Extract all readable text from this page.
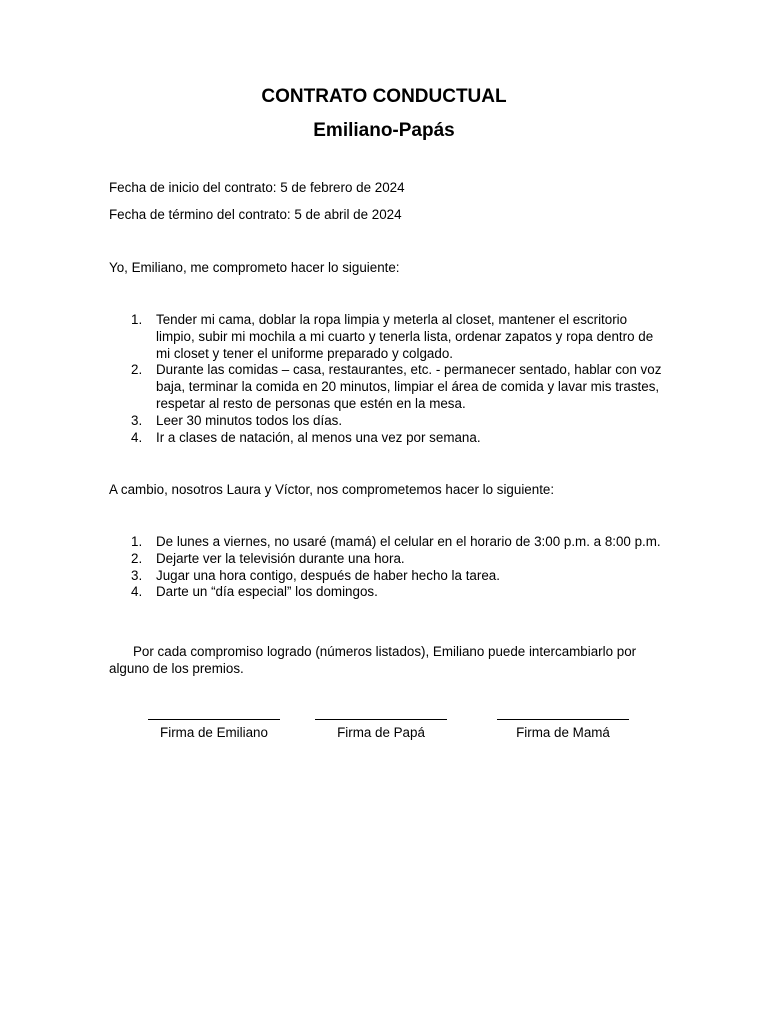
CONTRATO CONDUCTUAL
Emiliano-Papás

Fecha de inicio del contrato: 5 de febrero de 2024

Fecha de término del contrato: 5 de abril de 2024

Yo, Emiliano, me comprometo hacer lo siguiente:

1. Tender mi cama, doblar la ropa limpia y meterla al closet, mantener el escritorio limpio, subir mi mochila a mi cuarto y tenerla lista, ordenar zapatos y ropa dentro de mi closet y tener el uniforme preparado y colgado.
2. Durante las comidas – casa, restaurantes, etc. - permanecer sentado, hablar con voz baja, terminar la comida en 20 minutos, limpiar el área de comida y lavar mis trastes, respetar al resto de personas que estén en la mesa.
3. Leer 30 minutos todos los días.
4. Ir a clases de natación, al menos una vez por semana.

A cambio, nosotros Laura y Víctor, nos comprometemos hacer lo siguiente:

1. De lunes a viernes, no usaré (mamá) el celular en el horario de 3:00 p.m. a 8:00 p.m.
2. Dejarte ver la televisión durante una hora.
3. Jugar una hora contigo, después de haber hecho la tarea.
4. Darte un “día especial” los domingos.

Por cada compromiso logrado (números listados), Emiliano puede intercambiarlo por alguno de los premios.

Firma de Emiliano	Firma de Papá	Firma de Mamá
